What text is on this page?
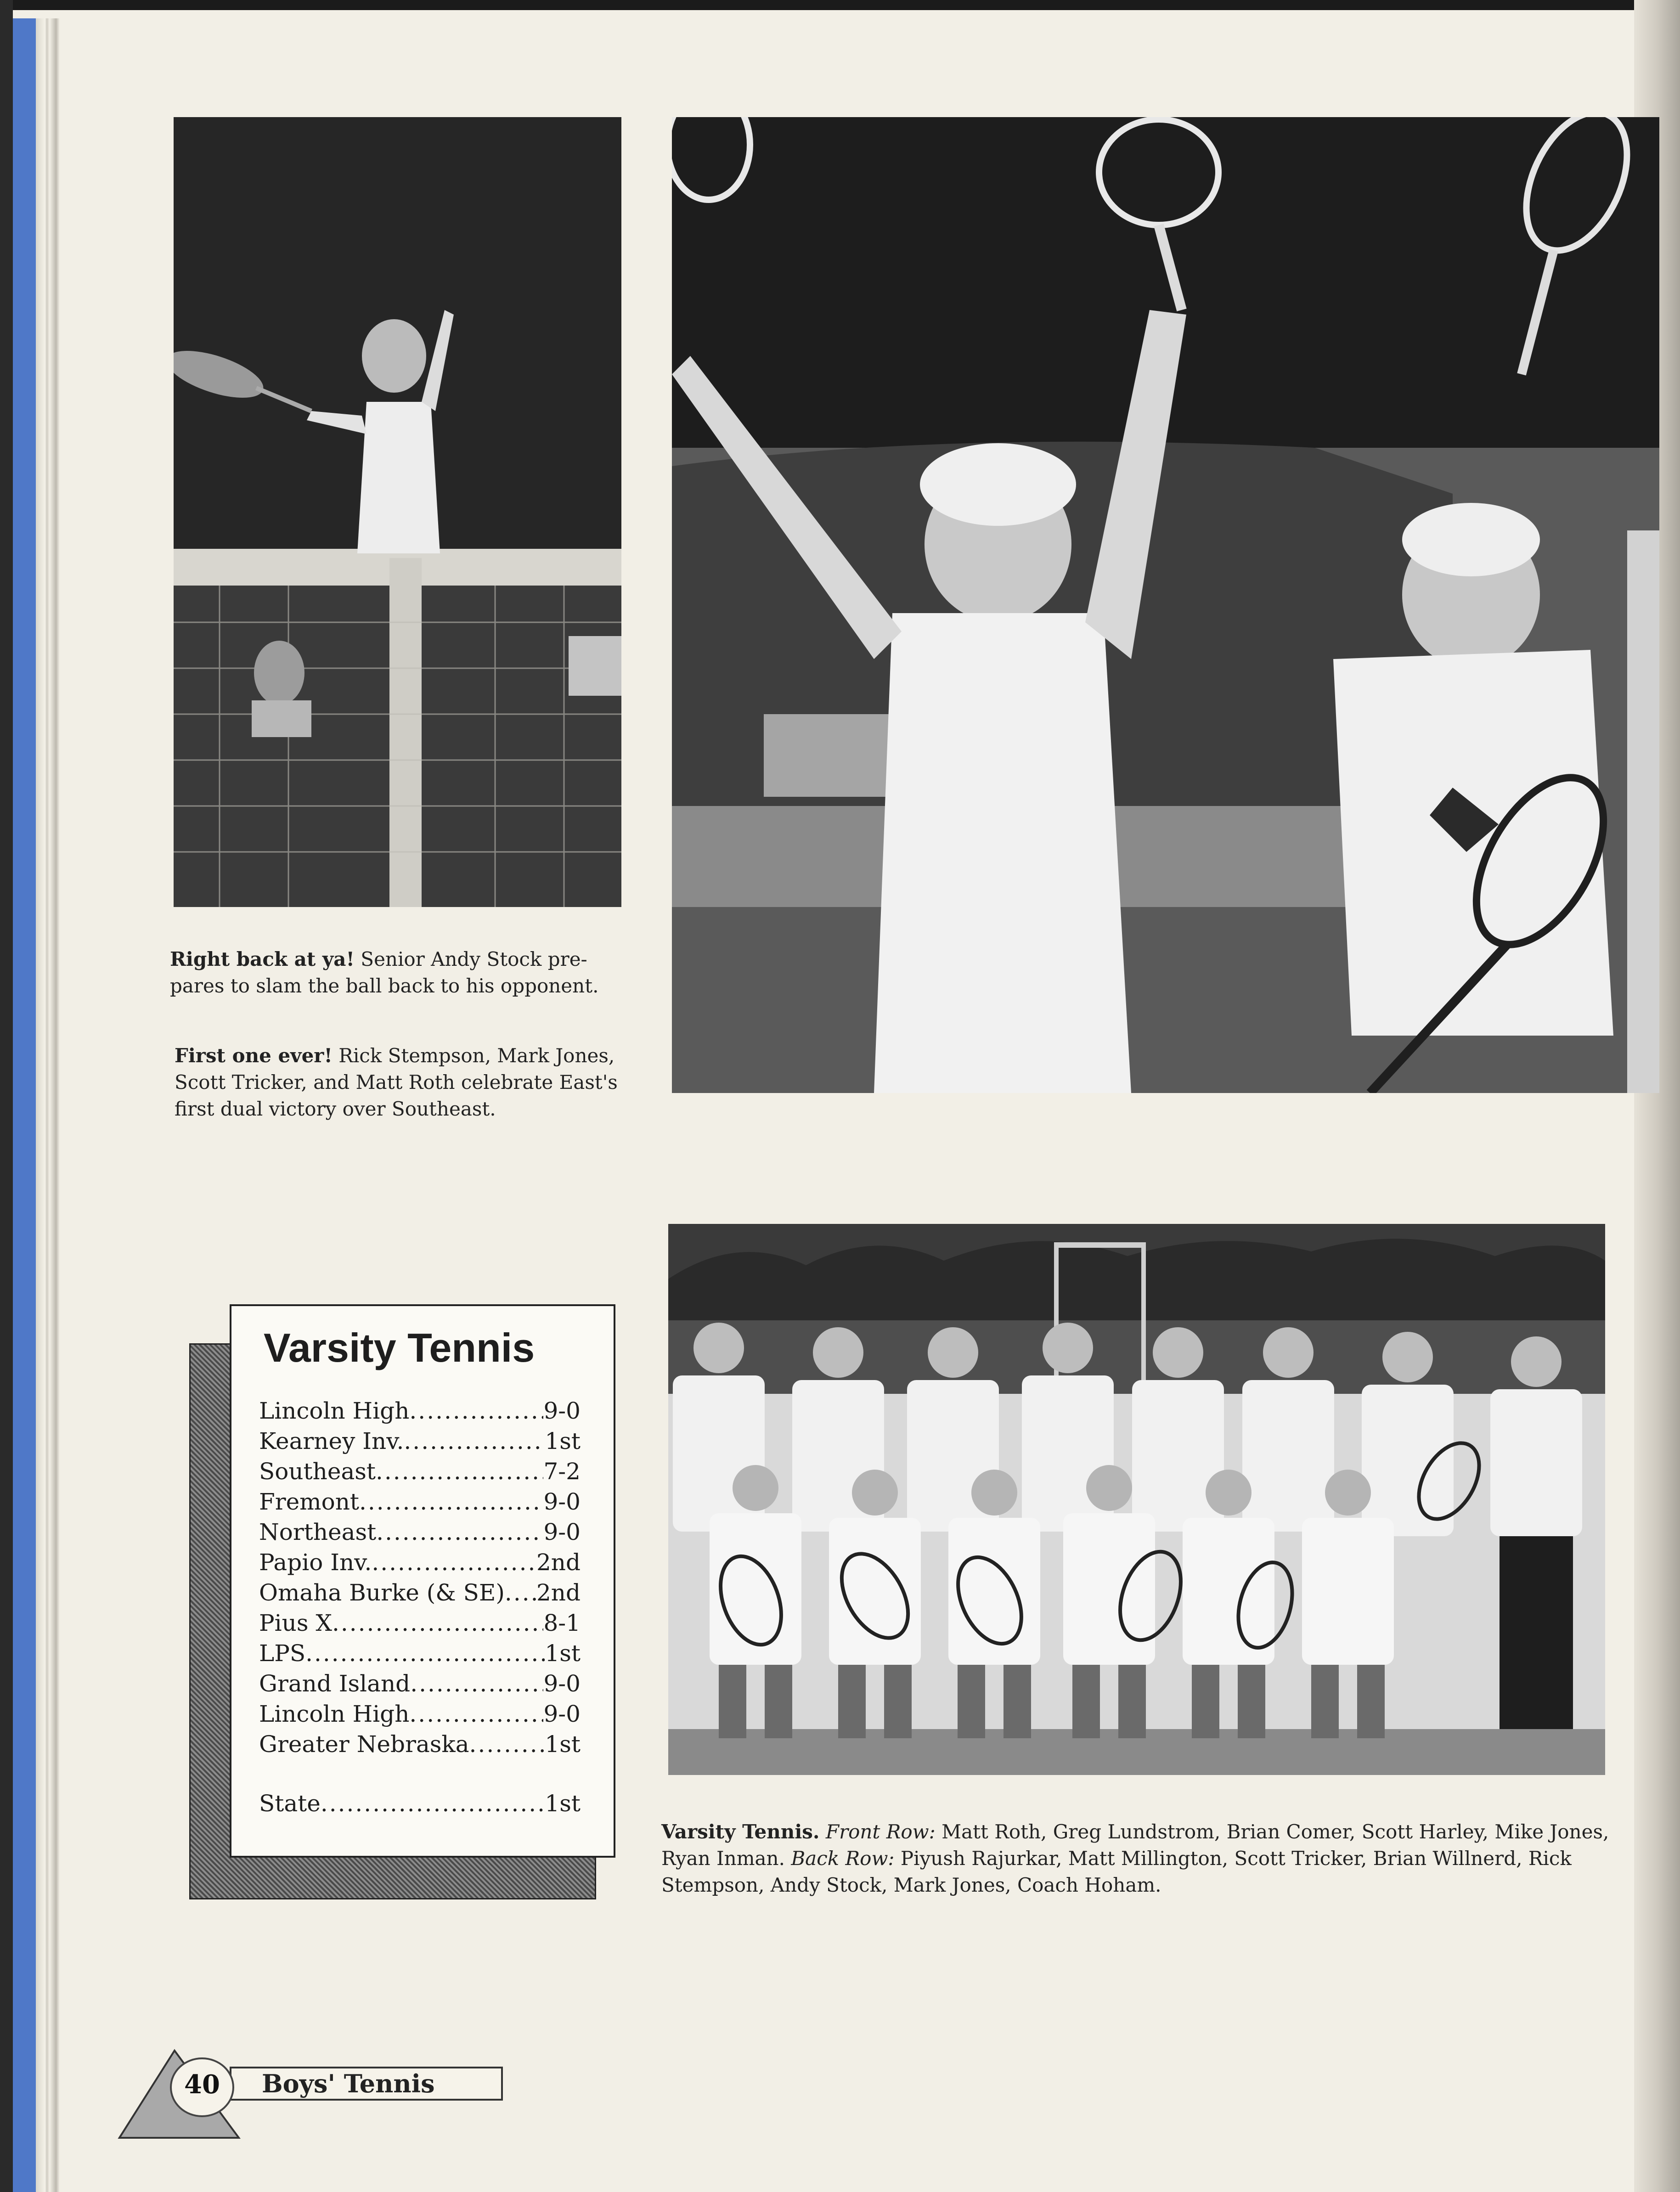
Right back at ya! Senior Andy Stock pre-pares to slam the ball back to his opponent.
First one ever! Rick Stempson, Mark Jones, Scott Tricker, and Matt Roth celebrate East's first dual victory over Southeast.
Varsity Tennis. Front Row: Matt Roth, Greg Lundstrom, Brian Comer, Scott Harley, Mike Jones, Ryan Inman. Back Row: Piyush Rajurkar, Matt Millington, Scott Tricker, Brian Willnerd, Rick Stempson, Andy Stock, Mark Jones, Coach Hoham.
Varsity Tennis
Lincoln High .....	9-0
Kearney Inv. .....	1st
Southeast .....	7-2
Fremont .....	9-0
Northeast .....	9-0
Papio Inv. .....	2nd
Omaha Burke (& SE) ..... 2nd
Pius X .....	8-1
LPS .....	1st
Grand Island .....	9-0
Lincoln High .....	9-0
Greater Nebraska .....	1st
State .....	1st
40	Boys' Tennis
